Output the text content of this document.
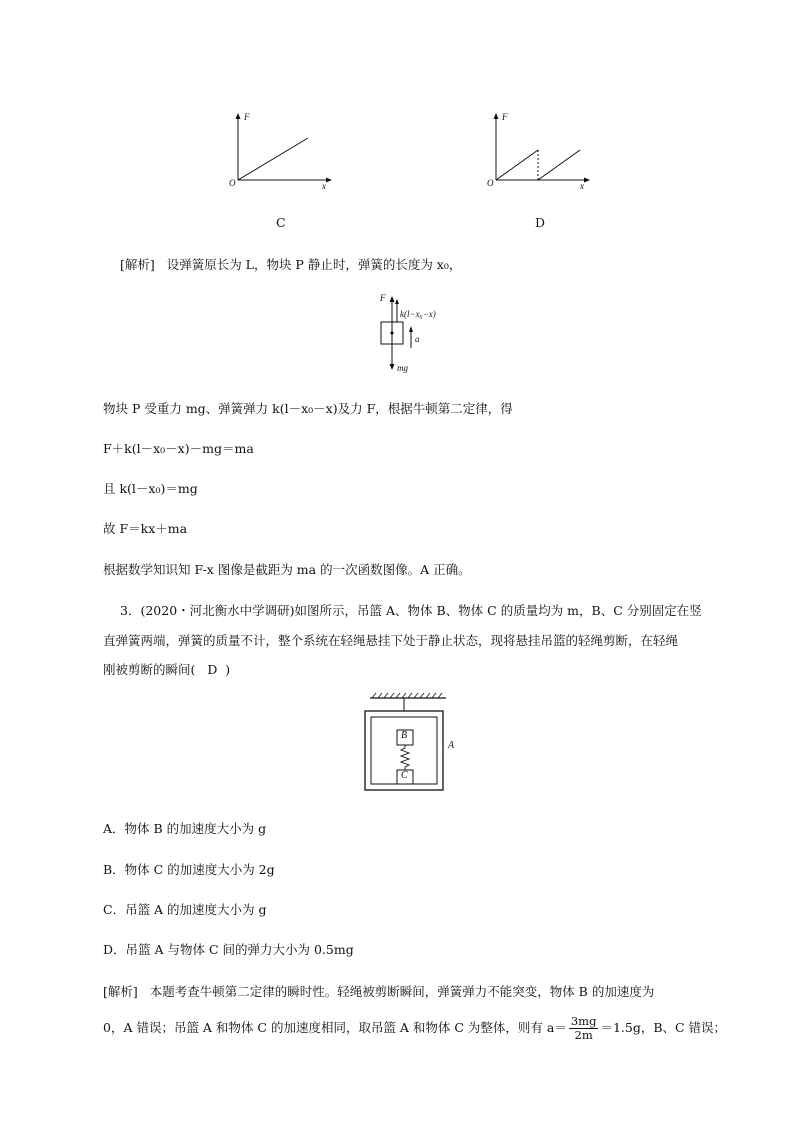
F
x
O
C
F
x
O
D
[解析] 设弹簧原长为 L，物块 P 静止时，弹簧的长度为 x₀，
F
k(l−x₀−x)
a
mg
物块 P 受重力 mg、弹簧弹力 k(l－x₀－x)及力 F，根据牛顿第二定律，得
F＋k(l－x₀－x)－mg＝ma
且 k(l－x₀)＝mg
故 F＝kx＋ma
根据数学知识知 F-x 图像是截距为 ma 的一次函数图像。A 正确。
3．(2020・河北衡水中学调研)如图所示，吊篮 A、物体 B、物体 C 的质量均为 m，B、C 分别固定在竖
直弹簧两端，弹簧的质量不计，整个系统在轻绳悬挂下处于静止状态，现将悬挂吊篮的轻绳剪断，在轻绳
刚被剪断的瞬间( D )
B
C
A
A．物体 B 的加速度大小为 g
B．物体 C 的加速度大小为 2g
C．吊篮 A 的加速度大小为 g
D．吊篮 A 与物体 C 间的弹力大小为 0.5mg
[解析] 本题考查牛顿第二定律的瞬时性。轻绳被剪断瞬间，弹簧弹力不能突变，物体 B 的加速度为
0，A 错误；吊篮 A 和物体 C 的加速度相同，取吊篮 A 和物体 C 为整体，则有 $a= \frac{3mg}{2m} =1.5g$，B、C 错误；
